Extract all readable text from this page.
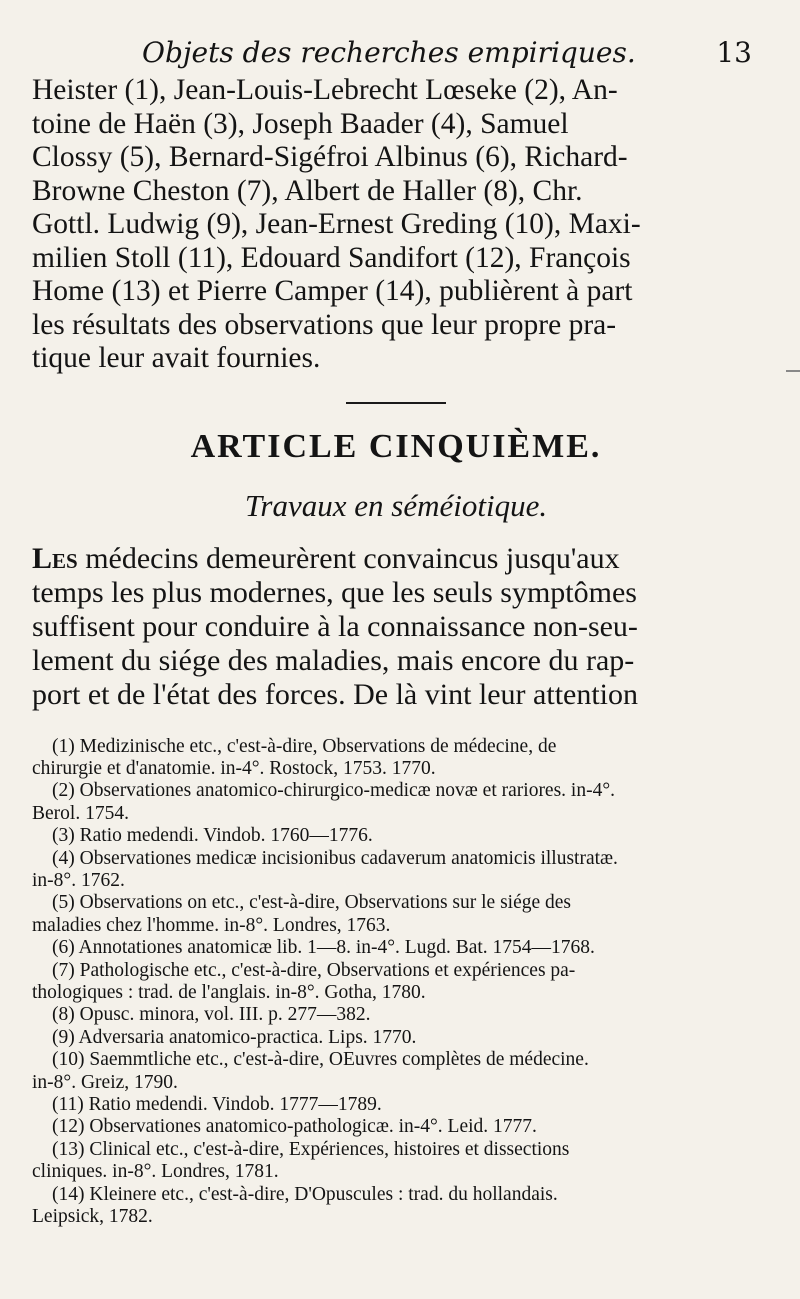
Objets des recherches empiriques.	13

Heister (1), Jean-Louis-Lebrecht Lœseke (2), An-
toine de Haën (3), Joseph Baader (4), Samuel
Clossy (5), Bernard-Sigéfroi Albinus (6), Richard-
Browne Cheston (7), Albert de Haller (8), Chr.
Gottl. Ludwig (9), Jean-Ernest Greding (10), Maxi-
milien Stoll (11), Edouard Sandifort (12), François
Home (13) et Pierre Camper (14), publièrent à part
les résultats des observations que leur propre pra-
tique leur avait fournies.

ARTICLE CINQUIÈME.
Travaux en séméiotique.

Les médecins demeurèrent convaincus jusqu'aux
temps les plus modernes, que les seuls symptômes
suffisent pour conduire à la connaissance non-seu-
lement du siége des maladies, mais encore du rap-
port et de l'état des forces. De là vint leur attention

(1) Medizinische etc., c'est-à-dire, Observations de médecine, de
chirurgie et d'anatomie. in-4°. Rostock, 1753. 1770.
(2) Observationes anatomico-chirurgico-medicæ novæ et rariores. in-4°.
Berol. 1754.
(3) Ratio medendi. Vindob. 1760—1776.
(4) Observationes medicæ incisionibus cadaverum anatomicis illustratæ.
in-8°. 1762.
(5) Observations on etc., c'est-à-dire, Observations sur le siége des
maladies chez l'homme. in-8°. Londres, 1763.
(6) Annotationes anatomicæ lib. 1—8. in-4°. Lugd. Bat. 1754—1768.
(7) Pathologische etc., c'est-à-dire, Observations et expériences pa-
thologiques : trad. de l'anglais. in-8°. Gotha, 1780.
(8) Opusc. minora, vol. III. p. 277—382.
(9) Adversaria anatomico-practica. Lips. 1770.
(10) Saemmtliche etc., c'est-à-dire, OEuvres complètes de médecine.
in-8°. Greiz, 1790.
(11) Ratio medendi. Vindob. 1777—1789.
(12) Observationes anatomico-pathologicæ. in-4°. Leid. 1777.
(13) Clinical etc., c'est-à-dire, Expériences, histoires et dissections
cliniques. in-8°. Londres, 1781.
(14) Kleinere etc., c'est-à-dire, D'Opuscules : trad. du hollandais.
Leipsick, 1782.
